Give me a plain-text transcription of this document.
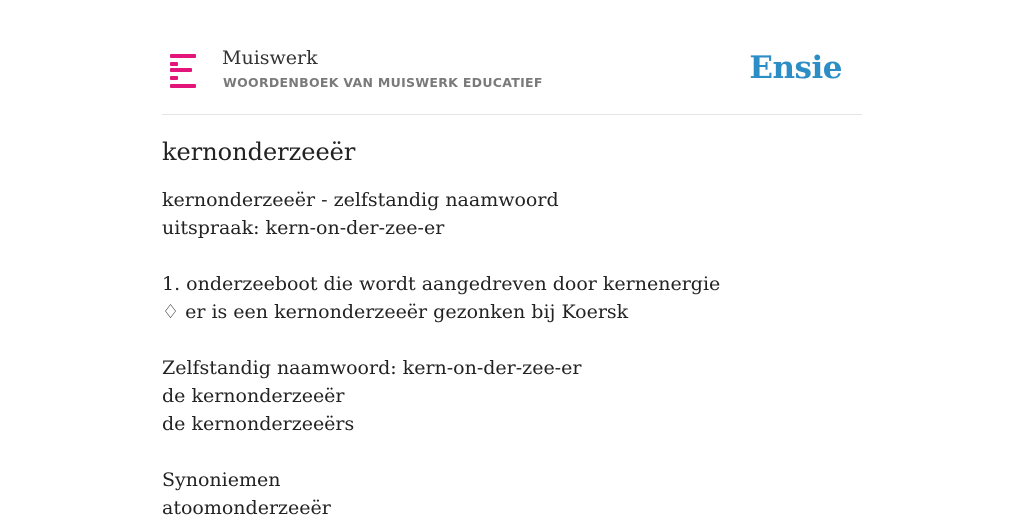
Muiswerk
WOORDENBOEK VAN MUISWERK EDUCATIEF	Ensie
kernonderzeeër
kernonderzeeër - zelfstandig naamwoord
uitspraak: kern-on-der-zee-er
1. onderzeeboot die wordt aangedreven door kernenergie
♢ er is een kernonderzeeër gezonken bij Koersk
Zelfstandig naamwoord: kern-on-der-zee-er
de kernonderzeeër
de kernonderzeeërs
Synoniemen
atoomonderzeeër
